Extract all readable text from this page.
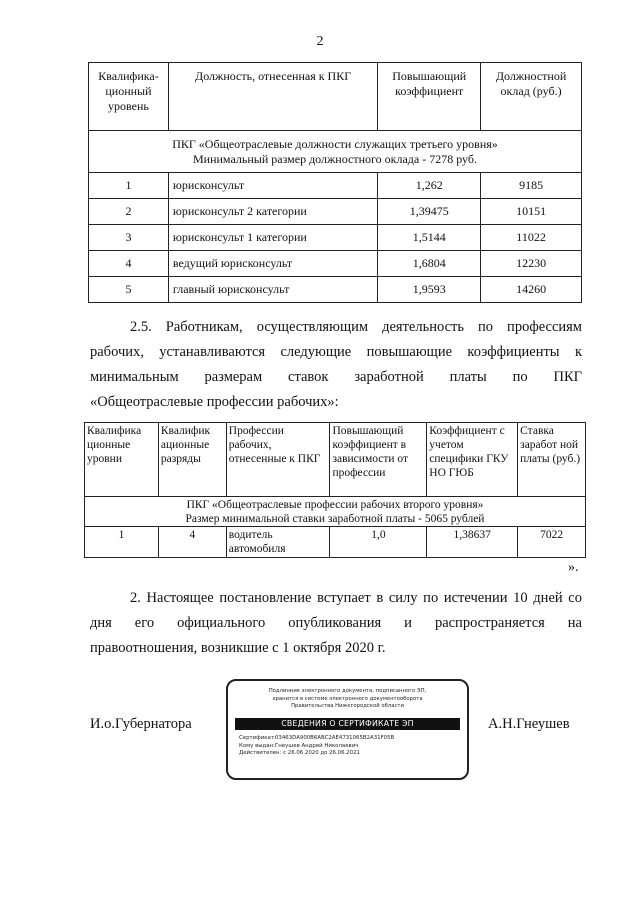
2
Квалифика-ционный уровень	Должность, отнесенная к ПКГ	Повышающий коэффициент	Должностной оклад (руб.)

ПКГ «Общеотраслевые должности служащих третьего уровня»
Минимальный размер должностного оклада - 7278 руб.			

1	юрисконсульт	1,262	9185
2	юрисконсульт 2 категории	1,39475	10151
3	юрисконсульт 1 категории	1,5144	11022
4	ведущий юрисконсульт	1,6804	12230
5	главный юрисконсульт	1,9593	14260
2.5. Работникам, осуществляющим деятельность по профессиям
рабочих, устанавливаются следующие повышающие коэффициенты к
минимальным размерам ставок заработной платы по ПКГ
«Общеотраслевые профессии рабочих»:
Квалифика ционные уровни	Квалифик ационные разряды	Профессии рабочих, отнесенные к ПКГ	Повышающий коэффициент в зависимости от профессии	Коэффициент с учетом специфики ГКУ НО ГЮБ	Ставка заработ ной платы (руб.)

ПКГ «Общеотраслевые профессии рабочих второго уровня»
Размер минимальной ставки заработной платы - 5065 рублей					

1	4	водитель автомобиля	1,0	1,38637	7022
».
2. Настоящее постановление вступает в силу по истечении 10 дней со
дня его официального опубликования и распространяется на
правоотношения, возникшие с 1 октября 2020 г.
И.о.Губернатора	А.Н.Гнеушев
Подлинник электронного документа, подписанного ЭП,
хранится в системе электронного документооборота
Правительства Нижегородской области
СВЕДЕНИЯ О СЕРТИФИКАТЕ ЭП
Сертификат:03463DA900B6ABC2AE4731065B2A31F05B
Кому выдан:Гнеушев Андрей Николаевич
Действителен: с 26.06.2020 до 26.06.2021
